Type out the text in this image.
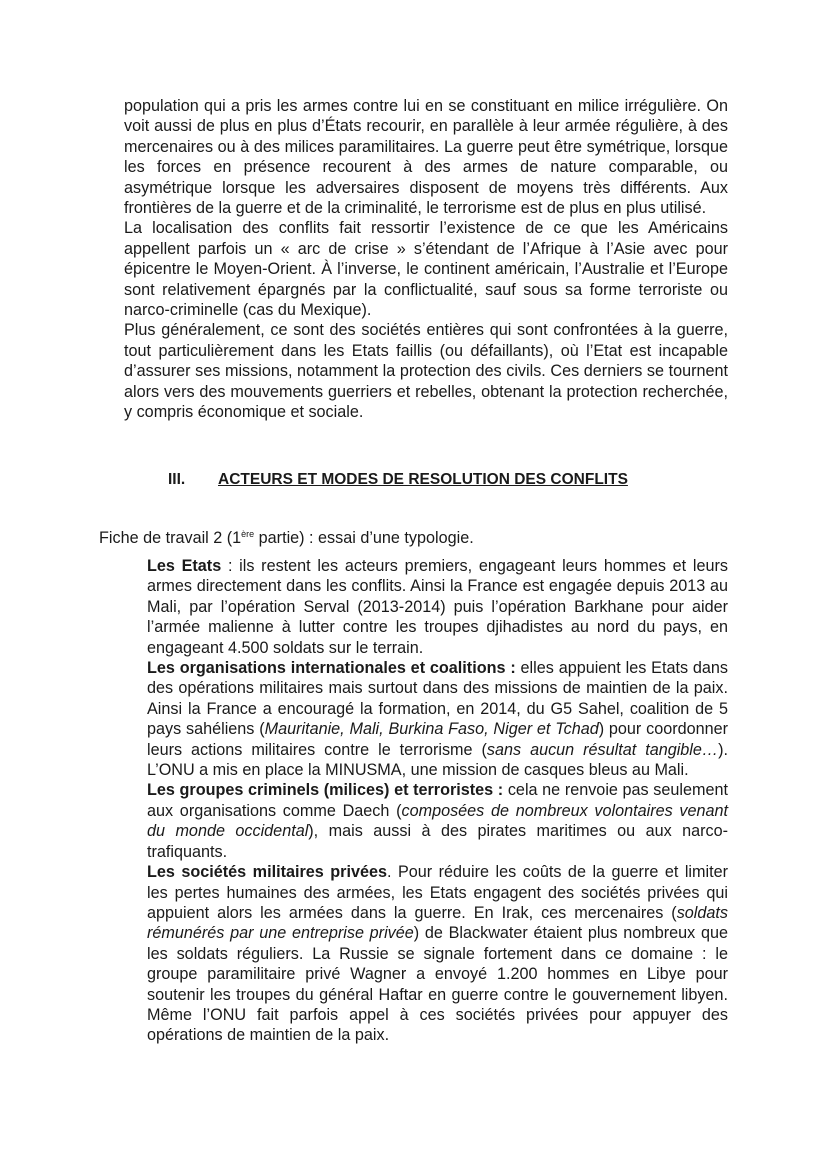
population qui a pris les armes contre lui en se constituant en milice irrégulière. On voit aussi de plus en plus d’États recourir, en parallèle à leur armée régulière, à des mercenaires ou à des milices paramilitaires. La guerre peut être symétrique, lorsque les forces en présence recourent à des armes de nature comparable, ou asymétrique lorsque les adversaires disposent de moyens très différents. Aux frontières de la guerre et de la criminalité, le terrorisme est de plus en plus utilisé.

La localisation des conflits fait ressortir l’existence de ce que les Américains appellent parfois un « arc de crise » s’étendant de l’Afrique à l’Asie avec pour épicentre le Moyen-Orient. À l’inverse, le continent américain, l’Australie et l’Europe sont relativement épargnés par la conflictualité, sauf sous sa forme terroriste ou narco-criminelle (cas du Mexique).

Plus généralement, ce sont des sociétés entières qui sont confrontées à la guerre, tout particulièrement dans les Etats faillis (ou défaillants), où l’Etat est incapable d’assurer ses missions, notamment la protection des civils. Ces derniers se tournent alors vers des mouvements guerriers et rebelles, obtenant la protection recherchée, y compris économique et sociale.

III. ACTEURS ET MODES DE RESOLUTION DES CONFLITS
Fiche de travail 2 (1ère partie) : essai d’une typologie.

Les Etats : ils restent les acteurs premiers, engageant leurs hommes et leurs armes directement dans les conflits. Ainsi la France est engagée depuis 2013 au Mali, par l’opération Serval (2013-2014) puis l’opération Barkhane pour aider l’armée malienne à lutter contre les troupes djihadistes au nord du pays, en engageant 4.500 soldats sur le terrain.

Les organisations internationales et coalitions : elles appuient les Etats dans des opérations militaires mais surtout dans des missions de maintien de la paix. Ainsi la France a encouragé la formation, en 2014, du G5 Sahel, coalition de 5 pays sahéliens (Mauritanie, Mali, Burkina Faso, Niger et Tchad) pour coordonner leurs actions militaires contre le terrorisme (sans aucun résultat tangible…). L’ONU a mis en place la MINUSMA, une mission de casques bleus au Mali.

Les groupes criminels (milices) et terroristes : cela ne renvoie pas seulement aux organisations comme Daech (composées de nombreux volontaires venant du monde occidental), mais aussi à des pirates maritimes ou aux narco-trafiquants.

Les sociétés militaires privées. Pour réduire les coûts de la guerre et limiter les pertes humaines des armées, les Etats engagent des sociétés privées qui appuient alors les armées dans la guerre. En Irak, ces mercenaires (soldats rémunérés par une entreprise privée) de Blackwater étaient plus nombreux que les soldats réguliers. La Russie se signale fortement dans ce domaine : le groupe paramilitaire privé Wagner a envoyé 1.200 hommes en Libye pour soutenir les troupes du général Haftar en guerre contre le gouvernement libyen. Même l’ONU fait parfois appel à ces sociétés privées pour appuyer des opérations de maintien de la paix.
